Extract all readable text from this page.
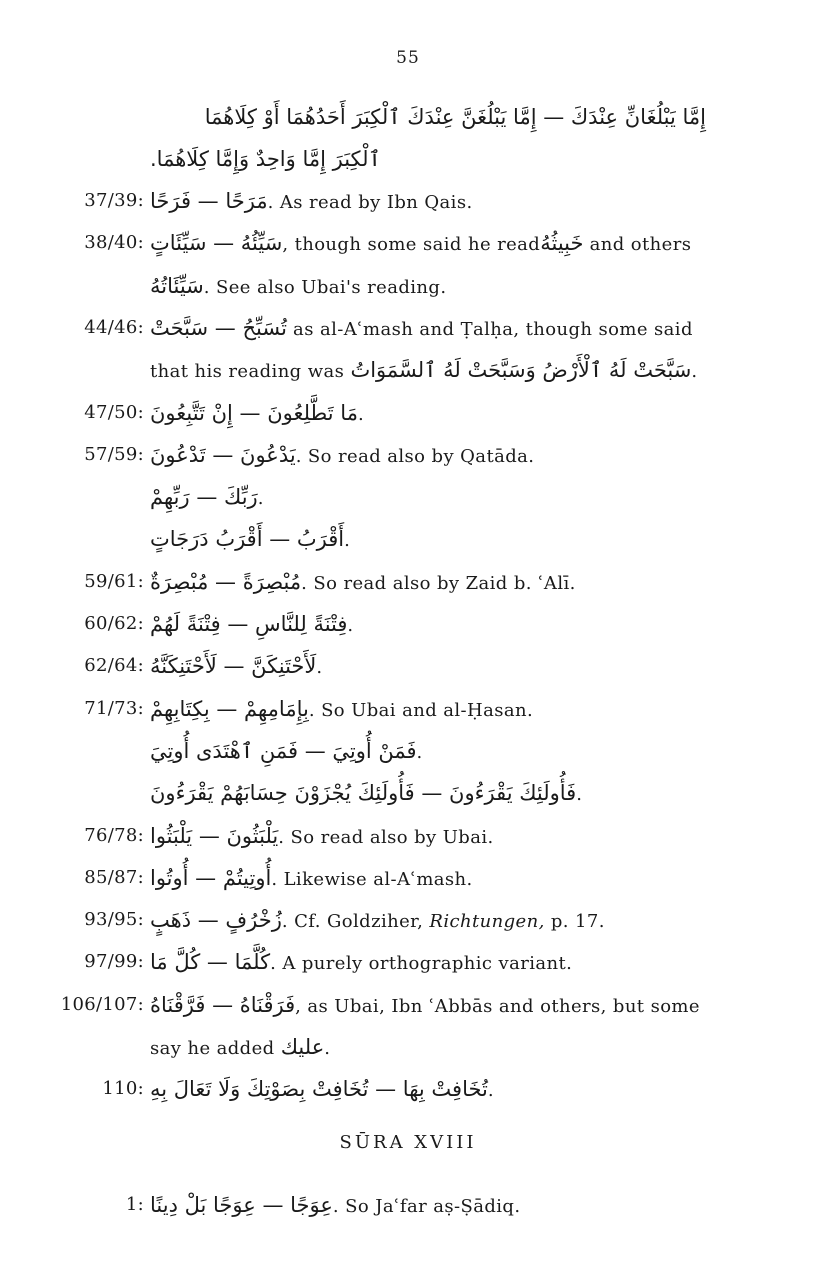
55
إِمَّا يَبْلُغَانِّ عِنْدَكَ — إِمَّا يَبْلُغَنَّ عِنْدَكَ ٱلْكِبَرَ أَحَدُهُمَا أَوْ كِلَاهُمَا
ٱلْكِبَرَ إِمَّا وَاحِدٌ وَإِمَّا كِلَاهُمَا.
37/39: مَرَحًا — فَرَحًا. As read by Ibn Qais.
38/40: سَيِّئُهُ — سَيِّئَاتٍ, though some said he readخَبِيثُهُ and others
سَيِّئَاتُهُ. See also Ubai's reading.
44/46: تُسَبِّحُ — سَبَّحَتْ as al-Aʿmash and Ṭalḥa, though some said
that his reading was سَبَّحَتْ لَهُ ٱلْأَرْضُ وَسَبَّحَتْ لَهُ ٱلسَّمَوَاتُ.
47/50: مَا تَطَّلِعُونَ — إِنْ تَتَّبِعُونَ.
57/59: يَدْعُونَ — تَدْعُونَ. So read also by Qatāda.
رَبِّكَ — رَبِّهِمْ.
أَقْرَبُ — أَقْرَبُ دَرَجَاتٍ.
59/61: مُبْصِرَةً — مُبْصِرَةٌ. So read also by Zaid b. ʿAlī.
60/62: فِتْنَةً لِلنَّاسِ — فِتْنَةً لَهُمْ.
62/64: لَأَحْتَنِكَنَّ — لَأَحْتَنِكَنَّهُ.
71/73: بِإِمَامِهِمْ — بِكِتَابِهِمْ. So Ubai and al-Ḥasan.
فَمَنْ أُوتِيَ — فَمَنِ ٱهْتَدَى أُوتِيَ.
فَأُولَئِكَ يَقْرَءُونَ — فَأُولَئِكَ يُجْزَوْنَ حِسَابَهُمْ يَقْرَءُونَ.
76/78: يَلْبَثُونَ — يَلْبَثُوا. So read also by Ubai.
85/87: أُوتِيتُمْ — أُوتُوا. Likewise al-Aʿmash.
93/95: زُخْرُفٍ — ذَهَبٍ. Cf. Goldziher, Richtungen, p. 17.
97/99: كُلَّمَا — كُلَّ مَا. A purely orthographic variant.
106/107: فَرَقْنَاهُ — فَرَّقْنَاهُ, as Ubai, Ibn ʿAbbās and others, but some
say he added عليك.
110: تُخَافِتْ بِهَا — تُخَافِتْ بِصَوْتِكَ وَلَا تَعَالَ بِهِ.
SŪRA XVIII
1: عِوَجًا — عِوَجًا بَلْ دِينًا. So Jaʿfar aṣ-Ṣādiq.
